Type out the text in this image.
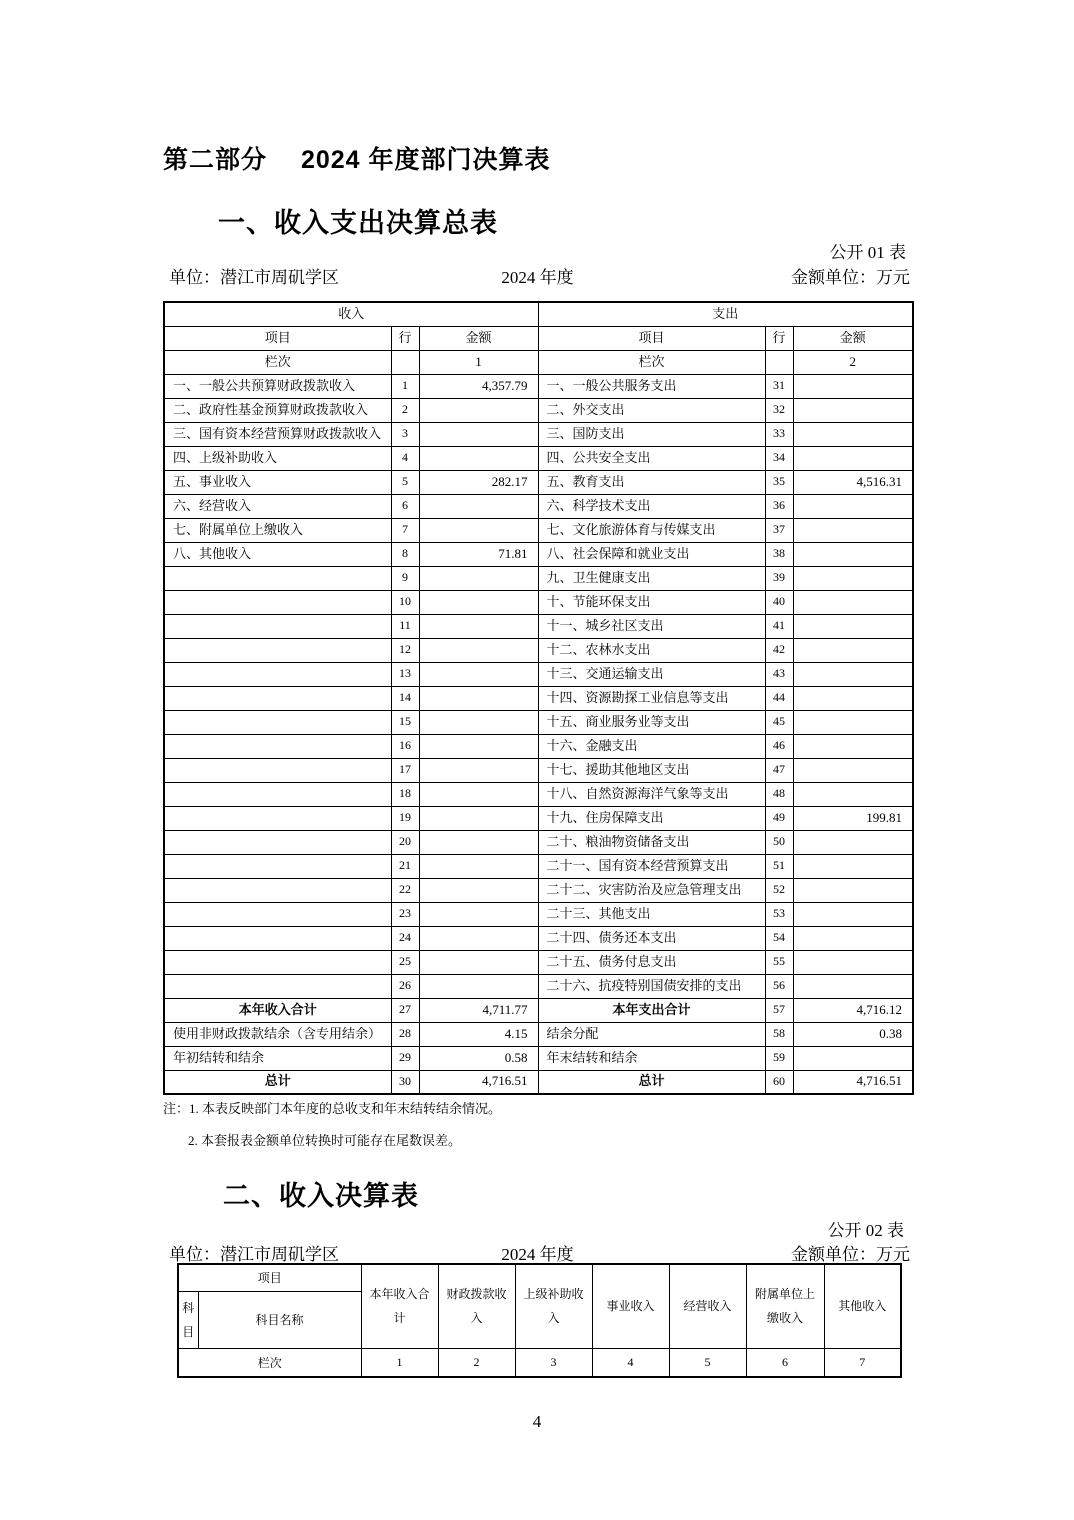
第二部分　 2024 年度部门决算表
一、收入支出决算总表
公开 01 表
单位：潜江市周矶学区	2024 年度	金额单位：万元
收入			支出		
项目	行	金额	项目	行	金额
栏次		1	栏次		2
一、一般公共预算财政拨款收入	1	4,357.79	一、一般公共服务支出	31	
二、政府性基金预算财政拨款收入	2		二、外交支出	32	
三、国有资本经营预算财政拨款收入	3		三、国防支出	33	
四、上级补助收入	4		四、公共安全支出	34	
五、事业收入	5	282.17	五、教育支出	35	4,516.31
六、经营收入	6		六、科学技术支出	36	
七、附属单位上缴收入	7		七、文化旅游体育与传媒支出	37	
八、其他收入	8	71.81	八、社会保障和就业支出	38	
	9		九、卫生健康支出	39	
	10		十、节能环保支出	40	
	11		十一、城乡社区支出	41	
	12		十二、农林水支出	42	
	13		十三、交通运输支出	43	
	14		十四、资源勘探工业信息等支出	44	
	15		十五、商业服务业等支出	45	
	16		十六、金融支出	46	
	17		十七、援助其他地区支出	47	
	18		十八、自然资源海洋气象等支出	48	
	19		十九、住房保障支出	49	199.81
	20		二十、粮油物资储备支出	50	
	21		二十一、国有资本经营预算支出	51	
	22		二十二、灾害防治及应急管理支出	52	
	23		二十三、其他支出	53	
	24		二十四、债务还本支出	54	
	25		二十五、债务付息支出	55	
	26		二十六、抗疫特别国债安排的支出	56	
本年收入合计	27	4,711.77	本年支出合计	57	4,716.12
使用非财政拨款结余（含专用结余）	28	4.15	结余分配	58	0.38
年初结转和结余	29	0.58	年末结转和结余	59	
总计	30	4,716.51	总计	60	4,716.51
注：1. 本表反映部门本年度的总收支和年末结转结余情况。
2. 本套报表金额单位转换时可能存在尾数误差。
二、收入决算表
公开 02 表
单位：潜江市周矶学区	2024 年度	金额单位：万元
项目		本年收入合计	财政拨款收入	上级补助收入	事业收入	经营收入	附属单位上缴收入	其他收入
科目	科目名称							
栏次		1	2	3	4	5	6	7
4
